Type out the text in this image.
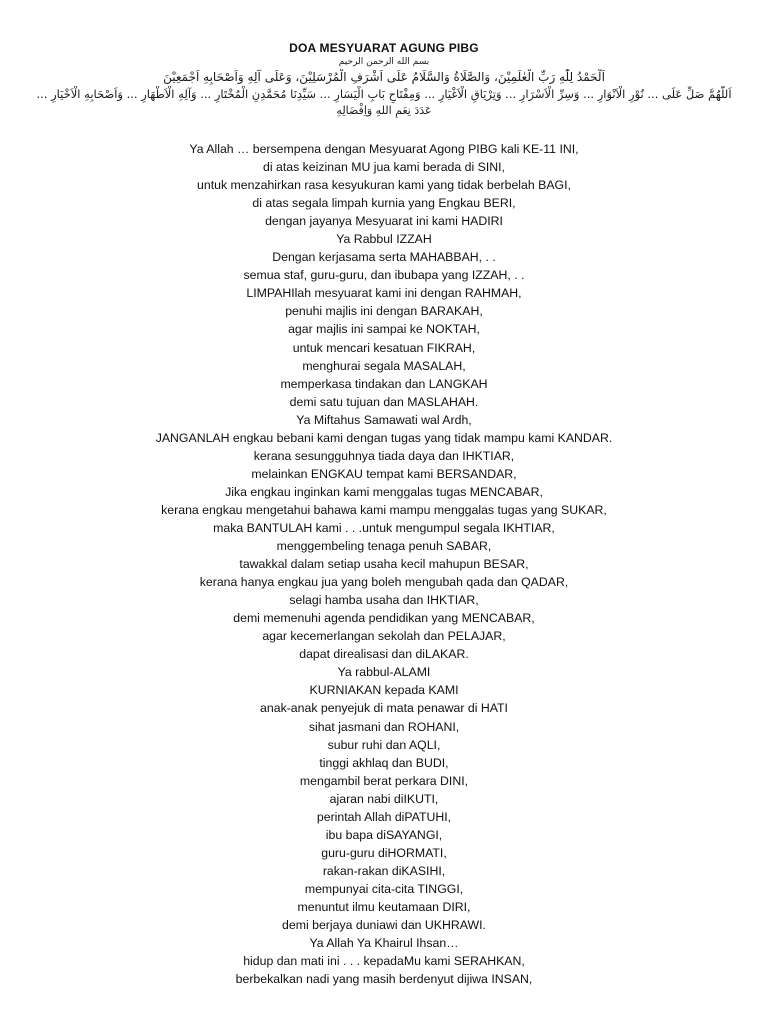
DOA MESYUARAT AGUNG PIBG
بسم الله الرحمن الرحيم
اَلْحَمْدُ لِلّٰهِ رَبِّ الْعٰلَمِيْنَ، وَالصَّلَاةُ وَالسَّلَامُ عَلَى اَشْرَفِ الْمُرْسَلِيْنَ، وَعَلَى آلِهِ وَاَصْحَابِهِ اَجْمَعِيْنَ
اَللّٰهُمَّ صَلِّ عَلَى ... نُوْرِ الْاَنْوَارِ ... وَسِرِّ الْاَسْرَارِ ... وَتِرْيَاقِ الْاَغْيَارِ ... وَمِفْتَاحِ بَابِ الْيَسَارِ ... سَيِّدِنَا مُحَمَّدِنِ الْمُخْتَارِ ... وَآلِهِ الْاَطْهَارِ ... وَاَصْحَابِهِ الْاَخْيَارِ ...
عَدَدَ نِعَمِ اللهِ وَاِفْضَالِهِ
Ya Allah … bersempena dengan Mesyuarat Agong PIBG kali KE-11 INI,
di atas keizinan MU jua kami berada di SINI,
untuk menzahirkan rasa kesyukuran kami yang tidak berbelah BAGI,
di atas segala limpah kurnia yang Engkau BERI,
dengan jayanya Mesyuarat ini kami HADIRI
Ya Rabbul IZZAH
Dengan kerjasama serta MAHABBAH, . .
semua staf, guru-guru, dan ibubapa yang IZZAH, . .
LIMPAHIlah mesyuarat kami ini dengan RAHMAH,
penuhi majlis ini dengan BARAKAH,
agar majlis ini sampai ke NOKTAH,
untuk mencari kesatuan FIKRAH,
menghurai segala MASALAH,
memperkasa tindakan dan LANGKAH
demi satu tujuan dan MASLAHAH.
Ya Miftahus Samawati wal Ardh,
JANGANLAH engkau bebani kami dengan tugas yang tidak mampu kami KANDAR.
kerana sesungguhnya tiada daya dan IHKTIAR,
melainkan ENGKAU tempat kami BERSANDAR,
Jika engkau inginkan kami menggalas tugas MENCABAR,
kerana engkau mengetahui bahawa kami mampu menggalas tugas yang SUKAR,
maka BANTULAH kami . . .untuk mengumpul segala IKHTIAR,
menggembeling tenaga penuh SABAR,
tawakkal dalam setiap usaha kecil mahupun BESAR,
kerana hanya engkau jua yang boleh mengubah qada dan QADAR,
selagi hamba usaha dan IHKTIAR,
demi memenuhi agenda pendidikan yang MENCABAR,
agar kecemerlangan sekolah dan PELAJAR,
dapat direalisasi dan diLAKAR.
Ya rabbul-ALAMI
KURNIAKAN kepada KAMI
anak-anak penyejuk di mata penawar di HATI
sihat jasmani dan ROHANI,
subur ruhi dan AQLI,
tinggi akhlaq dan BUDI,
mengambil berat perkara DINI,
ajaran nabi diIKUTI,
perintah Allah diPATUHI,
ibu bapa diSAYANGI,
guru-guru diHORMATI,
rakan-rakan diKASIHI,
mempunyai cita-cita TINGGI,
menuntut ilmu keutamaan DIRI,
demi berjaya duniawi dan UKHRAWI.
Ya Allah Ya Khairul Ihsan…
hidup dan mati ini . . . kepadaMu kami SERAHKAN,
berbekalkan nadi yang masih berdenyut dijiwa INSAN,
